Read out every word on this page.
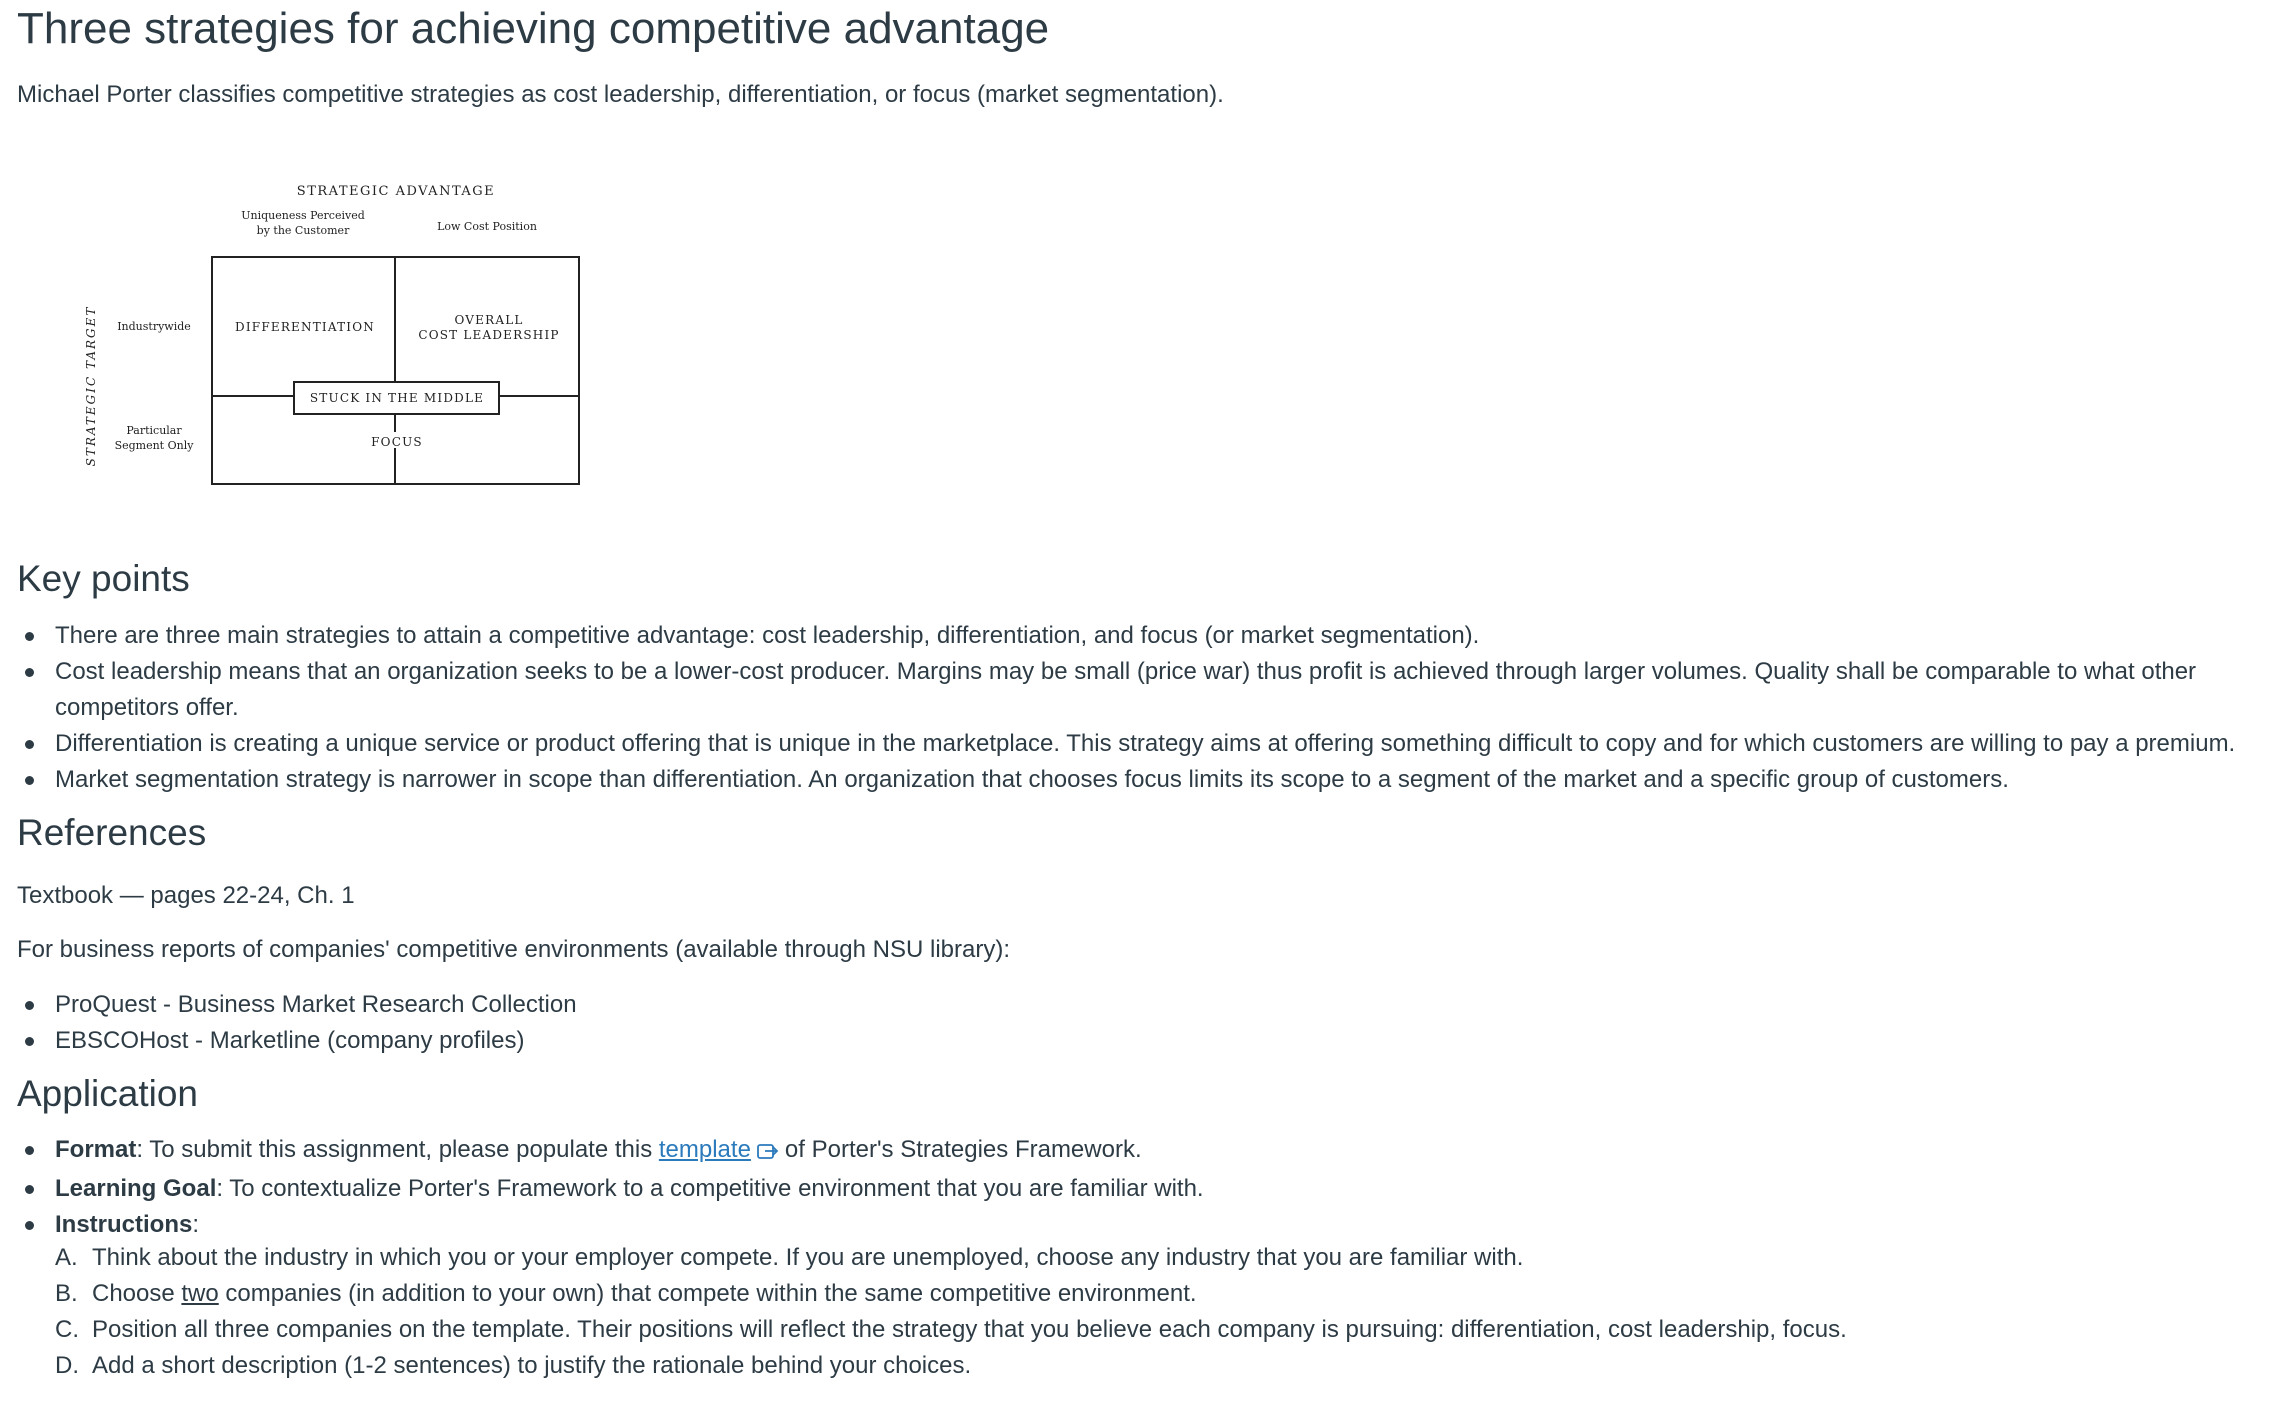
Three strategies for achieving competitive advantage

Michael Porter classifies competitive strategies as cost leadership, differentiation, or focus (market segmentation).

STRATEGIC ADVANTAGE
Uniqueness Perceived
by the Customer	Low Cost Position
STRATEGIC TARGET Industrywide
Particular
Segment Only
DIFFERENTIATION	OVERALL
COST LEADERSHIP
STUCK IN THE MIDDLE
FOCUS
Key points
There are three main strategies to attain a competitive advantage: cost leadership, differentiation, and focus (or market segmentation).
Cost leadership means that an organization seeks to be a lower-cost producer. Margins may be small (price war) thus profit is achieved through larger volumes. Quality shall be comparable to what other competitors offer.
Differentiation is creating a unique service or product offering that is unique in the marketplace. This strategy aims at offering something difficult to copy and for which customers are willing to pay a premium.
Market segmentation strategy is narrower in scope than differentiation. An organization that chooses focus limits its scope to a segment of the market and a specific group of customers.
References

Textbook — pages 22-24, Ch. 1

For business reports of companies' competitive environments (available through NSU library):

ProQuest - Business Market Research Collection
EBSCOHost - Marketline (company profiles)
Application
Format: To submit this assignment, please populate this template of Porter's Strategies Framework.
Learning Goal: To contextualize Porter's Framework to a competitive environment that you are familiar with.
Instructions:
A. Think about the industry in which you or your employer compete. If you are unemployed, choose any industry that you are familiar with.
B. Choose two companies (in addition to your own) that compete within the same competitive environment.
C. Position all three companies on the template. Their positions will reflect the strategy that you believe each company is pursuing: differentiation, cost leadership, focus.
D. Add a short description (1-2 sentences) to justify the rationale behind your choices.
